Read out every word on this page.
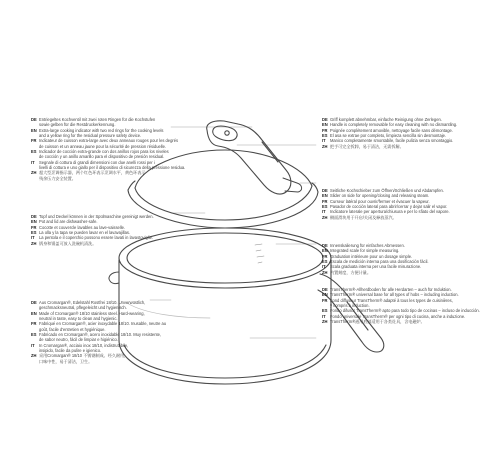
DE Entriegeltes Kochventil mit zwei roten Ringen für die Kochstufen
sowie gelben für die Restdruckerkennung.
EN Extra-large cooking indicator with two red rings for the cooking levels
and a yellow ring for the residual pressure safety device.
FR Indicateur de cuisson extra-large avec deux anneaux rouges pour les degrés
de cuisson et un anneau jaune pour la sécurité de pression résiduelle.
ES Indicador de cocción extra-grande con dos anillos rojos para los niveles
de cocción y un anillo amarillo para el dispositivo de presión residual.
IT	Segnale di cottura di grandi dimensioni con due anelli rossi per i
livelli di cottura e uno giallo per il dispositivo di sicurezza della pressione residua.
ZH 超大型烹调指示器，两个红色环表示烹调水平，黄色环表示
残余压力安全装置。
DE Topf und Deckel können in der Spülmaschine gereinigt werden.
EN Pot and lid are dishwasher-safe.
FR Cocotte et couvercle lavables au lave-vaisselle.
ES La olla y la tapa se pueden lavar en el lavavajillas.
IT	La pentola e il coperchio possono essere lavati in lavastoviglie.
ZH 锅身和锅盖可放入洗碗机清洗。
DE Aus Cromargan®, Edelstahl Rostfrei 18/10. Unverwüstlich,
geschmacksneutral, pflegeleicht und hygienisch.
EN Made of Cromargan® 18/10 stainless steel. Hard-wearing,
neutral in taste, easy to clean and hygienic.
FR Fabriqué en Cromargan®, acier inoxydable 18/10. Inusable, neutre au
goût, facile d'entretien et hygiénique.
ES Fabricado en Cromargan®, acero inoxidable 18/10. Muy resistente,
de sabor neutro, fácil de limpiar e higiénico.
IT	In Cromargan®, acciaio inox 18/10, indistruttibile,
insipido, facile da pulire e igienico.
ZH 采用Cromargan® 18/10 不锈钢制成。经久耐用，
口味中性，易于清洁，卫生。
DE Griff komplett abnehmbar, einfache Reinigung ohne Zerlegen.
EN Handle is completely removable for easy cleaning with no dismantling.
FR Poignée complètement amovible, nettoyage facile sans démontage.
ES El asa se extrae por completo, limpieza sencilla sin desmontaje.
IT	Manico completamente smontabile, facile pulizia senza smontaggio.
ZH 把手可完全拆卸，易于清洁，无需拆解。
DE Seitliche Kochschieber zum Öffnen/Schließen und Abdampfen.
EN Slider on side for opening/closing and releasing steam.
FR Curseur latéral pour ouvrir/fermer et évacuer la vapeur.
ES Pasador de cocción lateral para abrir/cerrar y dejar salir el vapor.
IT	Indicatore laterale per apertura/chiusura e per lo sfiato del vapore.
ZH 侧面滑块用于开启/关闭及释放蒸汽。
DE Innenskalierung für einfaches Abmessen.
EN Integrated scale for simple measuring.
FR Graduation intérieure pour un dosage simple.
ES Escala de medición interna para una dosificación fácil.
IT	Scala graduata interna per una facile misurazione.
ZH 内置刻度，方便计量。
DE TransTherm®-Allherdboden für alle Herdarten – auch für Induktion.
EN TransTherm® universal base for all types of hobs – including induction.
FR Fond diffuseur TransTherm® adapté à tous les types de cuisinières,
y compris à induction.
ES Fondo difusor TransTherm® apto para todo tipo de cocinas – incluso de inducción.
IT	Fondo universale TransTherm® per ogni tipo di cucina, anche a induzione.
ZH TransTherm®通用底部适用于各类灶具，含电磁炉。
